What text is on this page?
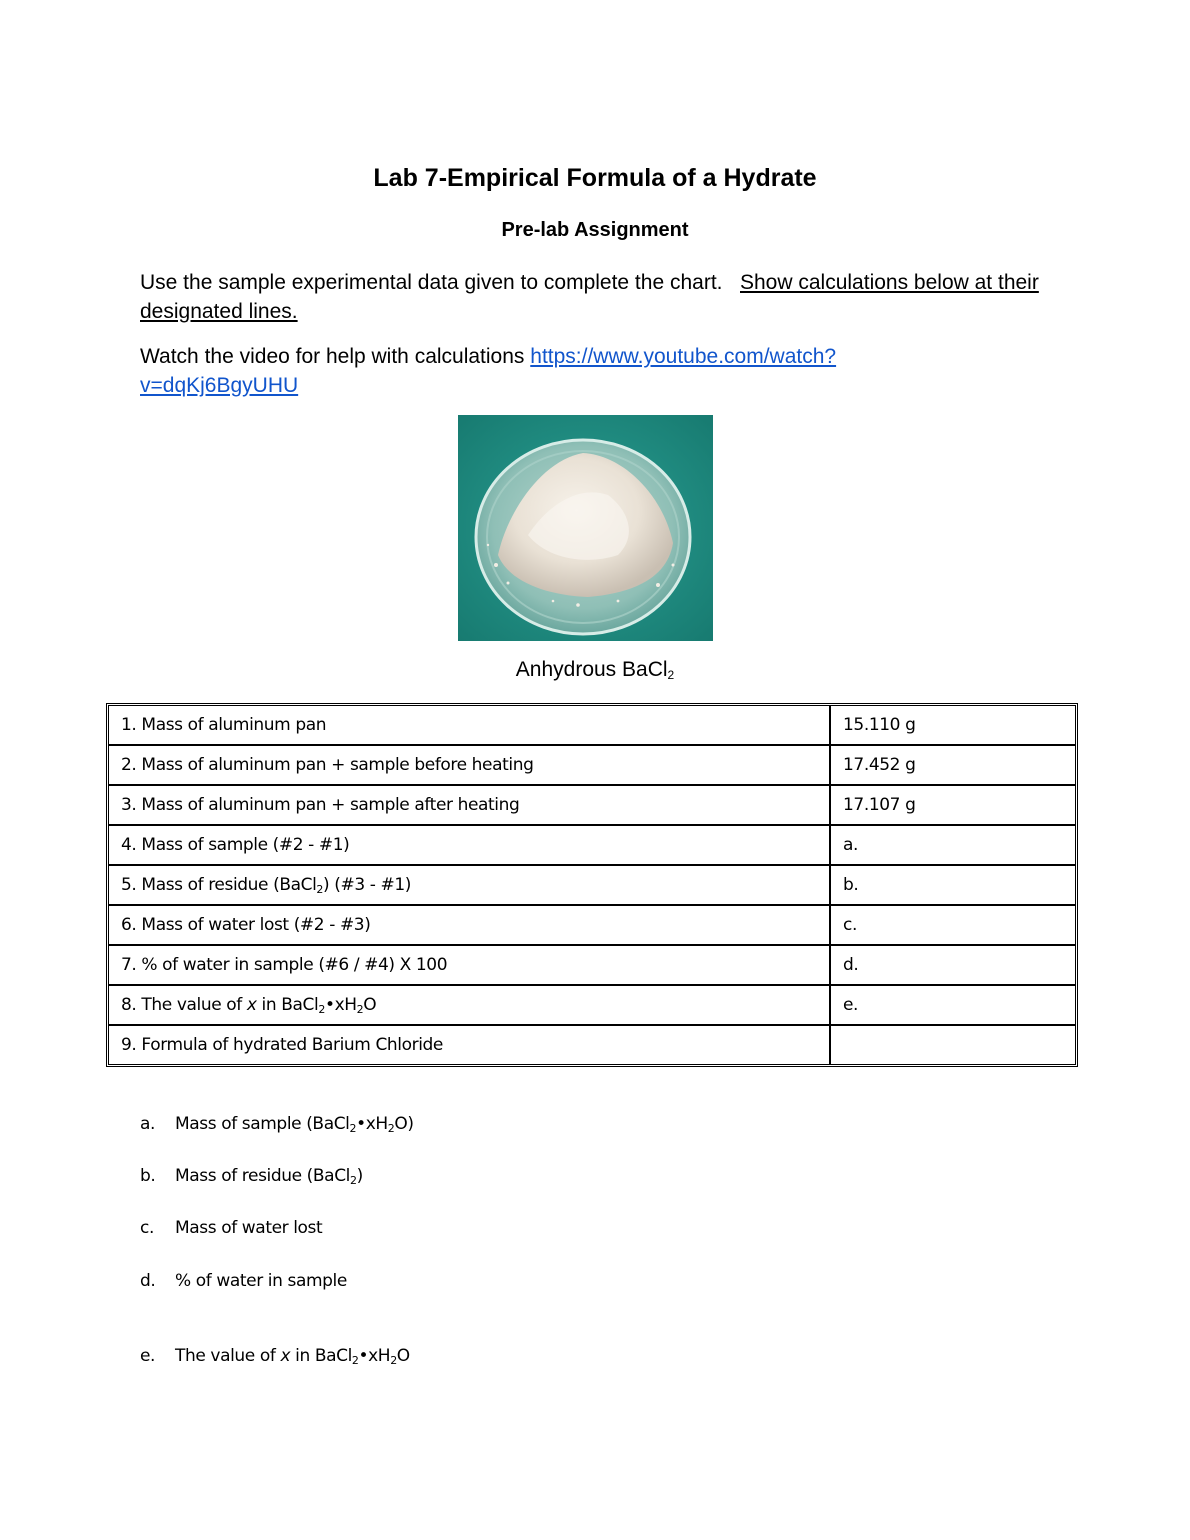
Lab 7-Empirical Formula of a Hydrate
Pre-lab Assignment
Use the sample experimental data given to complete the chart. Show calculations below at their designated lines.
Watch the video for help with calculations https://www.youtube.com/watch?
v=dqKj6BgyUHU
Anhydrous BaCl$_2$
1. Mass of aluminum pan	15.110 g
2. Mass of aluminum pan + sample before heating	17.452 g
3. Mass of aluminum pan + sample after heating	17.107 g
4. Mass of sample (#2 - #1)	a.
5. Mass of residue (BaCl$_2$) (#3 - #1)	b.
6. Mass of water lost (#2 - #3)	c.
7. % of water in sample (#6 / #4) X 100	d.
8. The value of x in $BaCl_2•xH_2O$	e.
9. Formula of hydrated Barium Chloride	
a. Mass of sample $(BaCl_2•xH_2O)$
b. Mass of residue (BaCl$_2$)
c. Mass of water lost
d. % of water in sample
e. The value of x in $BaCl_2•xH_2O$
